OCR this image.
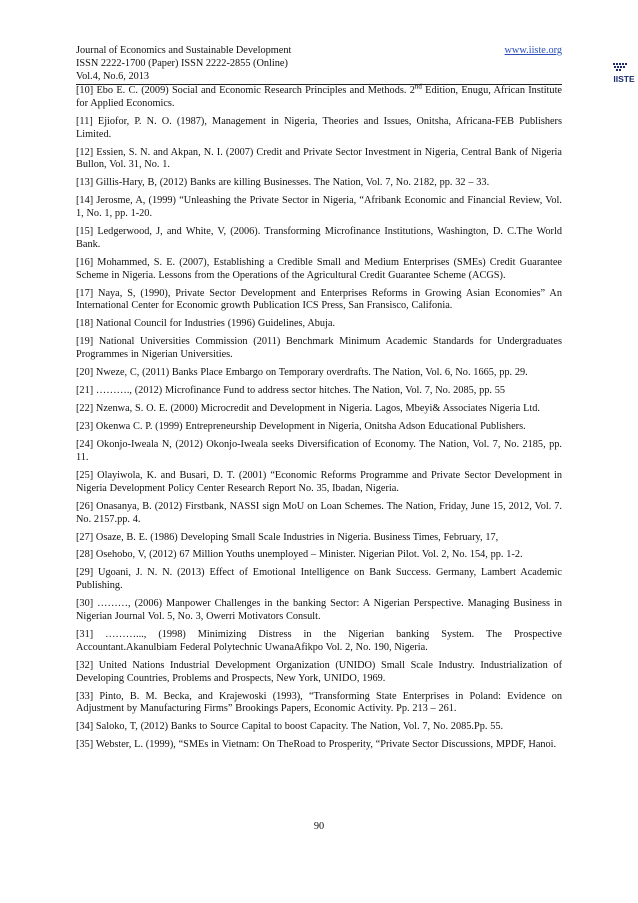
Journal of Economics and Sustainable Development
ISSN 2222-1700 (Paper) ISSN 2222-2855 (Online)
Vol.4, No.6, 2013
www.iiste.org
IISTE
[10] Ebo E. C. (2009) Social and Economic Research Principles and Methods. 2nd Edition, Enugu, African Institute for Applied Economics.
[11] Ejiofor, P. N. O. (1987), Management in Nigeria, Theories and Issues, Onitsha, Africana-FEB Publishers Limited.
[12] Essien, S. N. and Akpan, N. I. (2007) Credit and Private Sector Investment in Nigeria, Central Bank of Nigeria Bullon, Vol. 31, No. 1.
[13] Gillis-Hary, B, (2012) Banks are killing Businesses. The Nation, Vol. 7, No. 2182, pp. 32 – 33.
[14] Jerosme, A, (1999) “Unleashing the Private Sector in Nigeria, “Afribank Economic and Financial Review, Vol. 1, No. 1, pp. 1-20.
[15] Ledgerwood, J, and White, V, (2006). Transforming Microfinance Institutions, Washington, D. C.The World Bank.
[16] Mohammed, S. E. (2007), Establishing a Credible Small and Medium Enterprises (SMEs) Credit Guarantee Scheme in Nigeria. Lessons from the Operations of the Agricultural Credit Guarantee Scheme (ACGS).
[17] Naya, S, (1990), Private Sector Development and Enterprises Reforms in Growing Asian Economies” An International Center for Economic growth Publication ICS Press, San Fransisco, Califonia.
[18] National Council for Industries (1996) Guidelines, Abuja.
[19] National Universities Commission (2011) Benchmark Minimum Academic Standards for Undergraduates Programmes in Nigerian Universities.
[20] Nweze, C, (2011) Banks Place Embargo on Temporary overdrafts. The Nation, Vol. 6, No. 1665, pp. 29.
[21] ………., (2012) Microfinance Fund to address sector hitches. The Nation, Vol. 7, No. 2085, pp. 55
[22] Nzenwa, S. O. E. (2000) Microcredit and Development in Nigeria. Lagos, Mbeyi& Associates Nigeria Ltd.
[23] Okenwa C. P. (1999) Entrepreneurship Development in Nigeria, Onitsha Adson Educational Publishers.
[24] Okonjo-Iweala N, (2012) Okonjo-Iweala seeks Diversification of Economy. The Nation, Vol. 7, No. 2185, pp. 11.
[25] Olayiwola, K. and Busari, D. T. (2001) “Economic Reforms Programme and Private Sector Development in Nigeria Development Policy Center Research Report No. 35, Ibadan, Nigeria.
[26] Onasanya, B. (2012) Firstbank, NASSI sign MoU on Loan Schemes. The Nation, Friday, June 15, 2012, Vol. 7. No. 2157.pp. 4.
[27] Osaze, B. E. (1986) Developing Small Scale Industries in Nigeria. Business Times, February, 17,
[28] Osehobo, V, (2012) 67 Million Youths unemployed – Minister. Nigerian Pilot. Vol. 2, No. 154, pp. 1-2.
[29] Ugoani, J. N. N. (2013) Effect of Emotional Intelligence on Bank Success. Germany, Lambert Academic Publishing.
[30] ………, (2006) Manpower Challenges in the banking Sector: A Nigerian Perspective. Managing Business in Nigerian Journal Vol. 5, No. 3, Owerri Motivators Consult.
[31] ………..., (1998) Minimizing Distress in the Nigerian banking System. The Prospective Accountant.Akanulbiam Federal Polytechnic UwanaAfikpo Vol. 2, No. 190, Nigeria.
[32] United Nations Industrial Development Organization (UNIDO) Small Scale Industry. Industrialization of Developing Countries, Problems and Prospects, New York, UNIDO, 1969.
[33] Pinto, B. M. Becka, and Krajewoski (1993), “Transforming State Enterprises in Poland: Evidence on Adjustment by Manufacturing Firms” Brookings Papers, Economic Activity. Pp. 213 – 261.
[34] Saloko, T, (2012) Banks to Source Capital to boost Capacity. The Nation, Vol. 7, No. 2085.Pp. 55.
[35] Webster, L. (1999), “SMEs in Vietnam: On TheRoad to Prosperity, “Private Sector Discussions, MPDF, Hanoi.
90
